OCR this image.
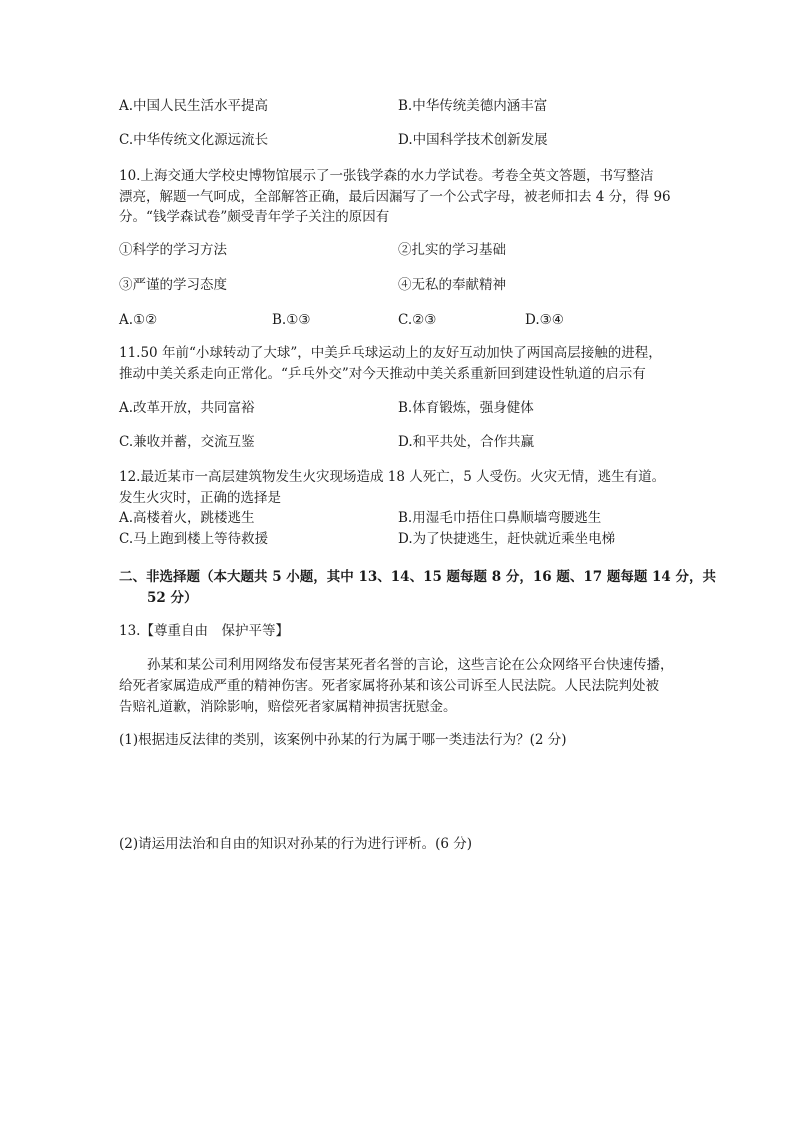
A.中国人民生活水平提高	B.中华传统美德内涵丰富
C.中华传统文化源远流长	D.中国科学技术创新发展
10.上海交通大学校史博物馆展示了一张钱学森的水力学试卷。考卷全英文答题，书写整洁
漂亮，解题一气呵成，全部解答正确，最后因漏写了一个公式字母，被老师扣去 4 分，得 96
分。“钱学森试卷”颇受青年学子关注的原因有
①科学的学习方法	②扎实的学习基础
③严谨的学习态度	④无私的奉献精神
A.①②	B.①③	C.②③	D.③④
11.50 年前“小球转动了大球”，中美乒乓球运动上的友好互动加快了两国高层接触的进程，
推动中美关系走向正常化。“乒乓外交”对今天推动中美关系重新回到建设性轨道的启示有
A.改革开放，共同富裕	B.体育锻炼，强身健体
C.兼收并蓄，交流互鉴	D.和平共处，合作共赢
12.最近某市一高层建筑物发生火灾现场造成 18 人死亡，5 人受伤。火灾无情，逃生有道。
发生火灾时，正确的选择是
A.高楼着火，跳楼逃生	B.用湿毛巾捂住口鼻顺墙弯腰逃生
C.马上跑到楼上等待救援	D.为了快捷逃生，赶快就近乘坐电梯
二、非选择题（本大题共 5 小题，其中 13、14、15 题每题 8 分，16 题、17 题每题 14 分，共
52 分）
13.【尊重自由　保护平等】
孙某和某公司利用网络发布侵害某死者名誉的言论，这些言论在公众网络平台快速传播，
给死者家属造成严重的精神伤害。死者家属将孙某和该公司诉至人民法院。人民法院判处被
告赔礼道歉，消除影响，赔偿死者家属精神损害抚慰金。
(1)根据违反法律的类别，该案例中孙某的行为属于哪一类违法行为？(2 分)
(2)请运用法治和自由的知识对孙某的行为进行评析。(6 分)
